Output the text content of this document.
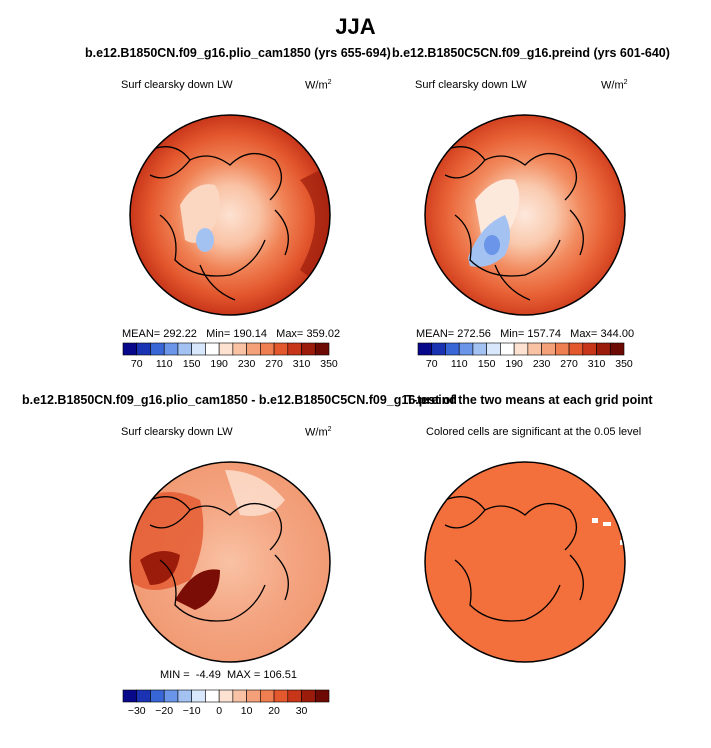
JJA
b.e12.B1850CN.f09_g16.plio_cam1850 (yrs 655-694)
Surf clearsky down LW	$W/m^2$
b.e12.B1850C5CN.f09_g16.preind (yrs 601-640)
Surf clearsky down LW	$W/m^2$
b.e12.B1850CN.f09_g16.plio_cam1850 - b.e12.B1850C5CN.f09_g16.preind
T-test of the two means at each grid point
Surf clearsky down LW	$W/m^2$	Colored cells are significant at the 0.05 level
MEAN= 292.22 Min= 190.14 Max= 359.02	MEAN= 272.56 Min= 157.74 Max= 344.00
MIN = -4.49 MAX = 106.51
70 110 150 190 230 270 310 350	70 110 150 190 230 270 310 350
−30 −20 −10 0 10 20 30
